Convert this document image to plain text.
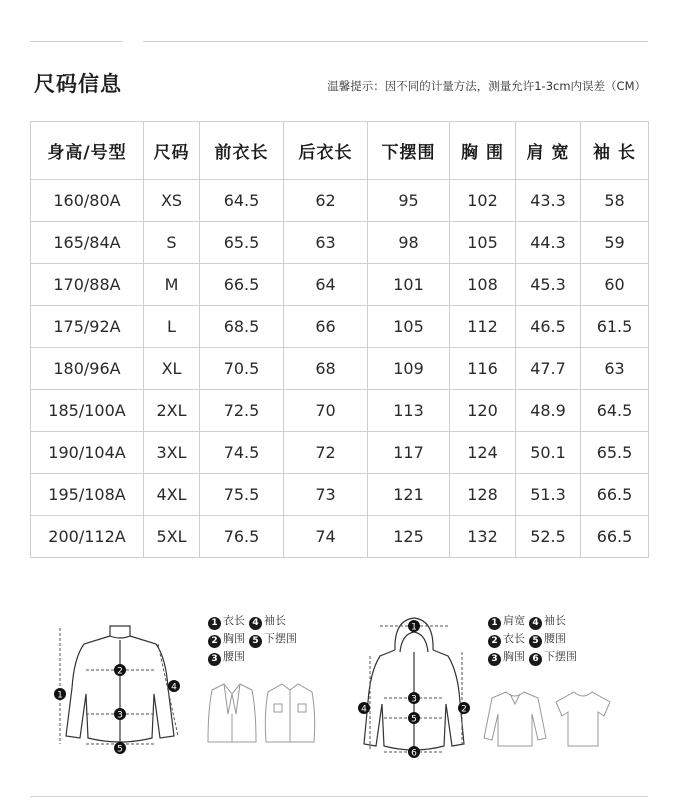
尺码信息	温馨提示：因不同的计量方法，测量允许1-3cm内误差（CM）
身高/号型	尺码	前衣长	后衣长	下摆围	胸 围	肩 宽	袖 长
160/80A	XS	64.5	62	95	102	43.3	58
165/84A	S	65.5	63	98	105	44.3	59
170/88A	M	66.5	64	101	108	45.3	60
175/92A	L	68.5	66	105	112	46.5	61.5
180/96A	XL	70.5	68	109	116	47.7	63
185/100A	2XL	72.5	70	113	120	48.9	64.5
190/104A	3XL	74.5	72	117	124	50.1	65.5
195/108A	4XL	75.5	73	121	128	51.3	66.5
200/112A	5XL	76.5	74	125	132	52.5	66.5
1
2
3
4
5
1 衣长 4 袖长
2 胸围 5 下摆围
3 腰围
1
2
3
4
5
6
1 肩宽 4 袖长
2 衣长 5 腰围
3 胸围 6 下摆围
